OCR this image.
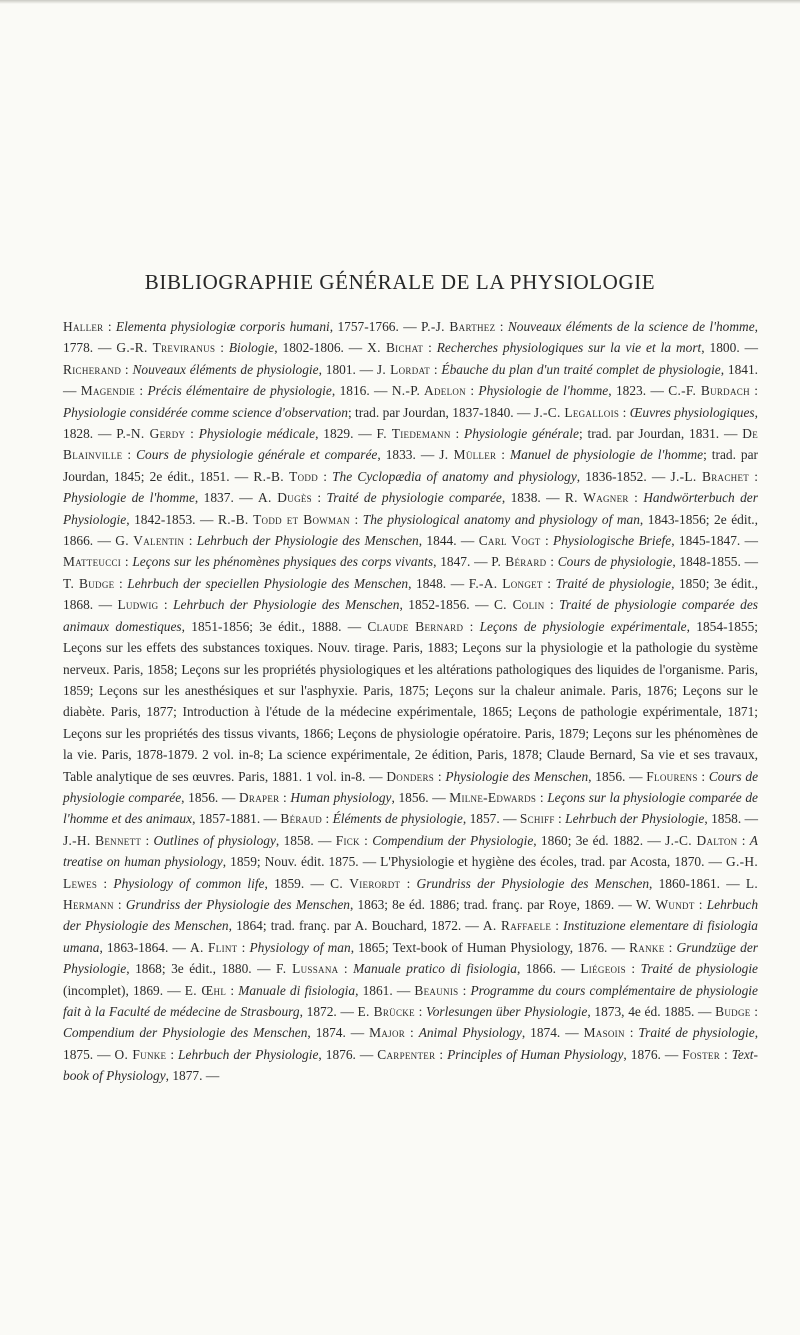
BIBLIOGRAPHIE GÉNÉRALE DE LA PHYSIOLOGIE
Haller : Elementa physiologiæ corporis humani, 1757-1766. — P.-J. Barthez : Nouveaux éléments de la science de l'homme, 1778. — G.-R. Treviranus : Biologie, 1802-1806. — X. Bichat : Recherches physiologiques sur la vie et la mort, 1800. — Richerand : Nouveaux éléments de physiologie, 1801. — J. Lordat : Ébauche du plan d'un traité complet de physiologie, 1841. — Magendie : Précis élémentaire de physiologie, 1816. — N.-P. Adelon : Physiologie de l'homme, 1823. — C.-F. Burdach : Physiologie considérée comme science d'observation; trad. par Jourdan, 1837-1840. — J.-C. Legallois : Œuvres physiologiques, 1828. — P.-N. Gerdy : Physiologie médicale, 1829. — F. Tiedemann : Physiologie générale; trad. par Jourdan, 1831. — De Blainville : Cours de physiologie générale et comparée, 1833. — J. Müller : Manuel de physiologie de l'homme; trad. par Jourdan, 1845; 2e édit., 1851. — R.-B. Todd : The Cyclopædia of anatomy and physiology, 1836-1852. — J.-L. Brachet : Physiologie de l'homme, 1837. — A. Dugès : Traité de physiologie comparée, 1838. — R. Wagner : Handwörterbuch der Physiologie, 1842-1853. — R.-B. Todd et Bowman : The physiological anatomy and physiology of man, 1843-1856; 2e édit., 1866. — G. Valentin : Lehrbuch der Physiologie des Menschen, 1844. — Carl Vogt : Physiologische Briefe, 1845-1847. — Matteucci : Leçons sur les phénomènes physiques des corps vivants, 1847. — P. Bérard : Cours de physiologie, 1848-1855. — T. Budge : Lehrbuch der speciellen Physiologie des Menschen, 1848. — F.-A. Longet : Traité de physiologie, 1850; 3e édit., 1868. — Ludwig : Lehrbuch der Physiologie des Menschen, 1852-1856. — C. Colin : Traité de physiologie comparée des animaux domestiques, 1851-1856; 3e édit., 1888. — Claude Bernard : Leçons de physiologie expérimentale, 1854-1855; Leçons sur les effets des substances toxiques. Nouv. tirage. Paris, 1883; Leçons sur la physiologie et la pathologie du système nerveux. Paris, 1858; Leçons sur les propriétés physiologiques et les altérations pathologiques des liquides de l'organisme. Paris, 1859; Leçons sur les anesthésiques et sur l'asphyxie. Paris, 1875; Leçons sur la chaleur animale. Paris, 1876; Leçons sur le diabète. Paris, 1877; Introduction à l'étude de la médecine expérimentale, 1865; Leçons de pathologie expérimentale, 1871; Leçons sur les propriétés des tissus vivants, 1866; Leçons de physiologie opératoire. Paris, 1879; Leçons sur les phénomènes de la vie. Paris, 1878-1879. 2 vol. in-8; La science expérimentale, 2e édition, Paris, 1878; Claude Bernard, Sa vie et ses travaux, Table analytique de ses œuvres. Paris, 1881. 1 vol. in-8. — Donders : Physiologie des Menschen, 1856. — Flourens : Cours de physiologie comparée, 1856. — Draper : Human physiology, 1856. — Milne-Edwards : Leçons sur la physiologie comparée de l'homme et des animaux, 1857-1881. — Béraud : Éléments de physiologie, 1857. — Schiff : Lehrbuch der Physiologie, 1858. — J.-H. Bennett : Outlines of physiology, 1858. — Fick : Compendium der Physiologie, 1860; 3e éd. 1882. — J.-C. Dalton : A treatise on human physiology, 1859; Nouv. édit. 1875. — L'Physiologie et hygiène des écoles, trad. par Acosta, 1870. — G.-H. Lewes : Physiology of common life, 1859. — C. Vierordt : Grundriss der Physiologie des Menschen, 1860-1861. — L. Hermann : Grundriss der Physiologie des Menschen, 1863; 8e éd. 1886; trad. franç. par Roye, 1869. — W. Wundt : Lehrbuch der Physiologie des Menschen, 1864; trad. franç. par A. Bouchard, 1872. — A. Raffaele : Instituzione elementare di fisiologia umana, 1863-1864. — A. Flint : Physiology of man, 1865; Text-book of Human Physiology, 1876. — Ranke : Grundzüge der Physiologie, 1868; 3e édit., 1880. — F. Lussana : Manuale pratico di fisiologia, 1866. — Liégeois : Traité de physiologie (incomplet), 1869. — E. Œhl : Manuale di fisiologia, 1861. — Beaunis : Programme du cours complémentaire de physiologie fait à la Faculté de médecine de Strasbourg, 1872. — E. Brücke : Vorlesungen über Physiologie, 1873, 4e éd. 1885. — Budge : Compendium der Physiologie des Menschen, 1874. — Major : Animal Physiology, 1874. — Masoin : Traité de physiologie, 1875. — O. Funke : Lehrbuch der Physiologie, 1876. — Carpenter : Principles of Human Physiology, 1876. — Foster : Text-book of Physiology, 1877. —
